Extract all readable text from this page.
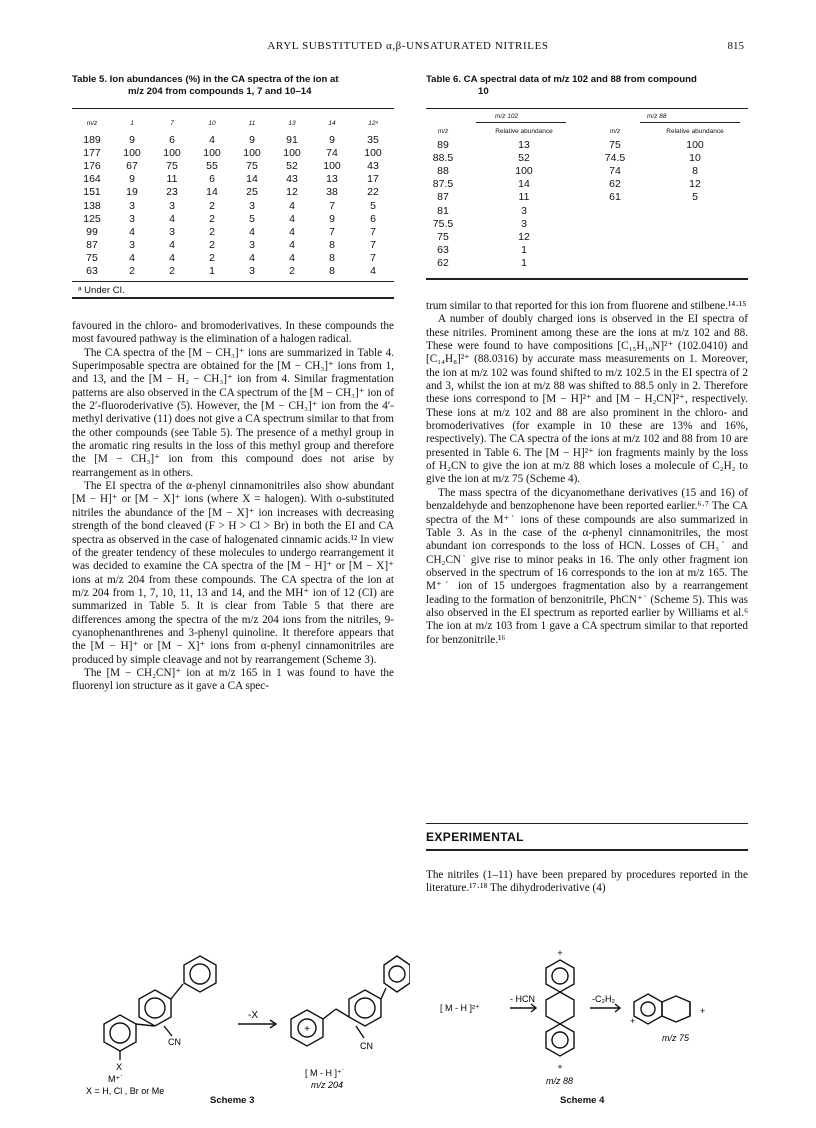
ARYL SUBSTITUTED α,β-UNSATURATED NITRILES	815
Table 5. Ion abundances (%) in the CA spectra of the ion at
m/z 204 from compounds 1, 7 and 10–14
m/z	1	7	10	11	13	14	12ᵃ
189	9	6	4	9	91	9	35
177	100	100	100	100	100	74	100
176	67	75	55	75	52	100	43
164	9	11	6	14	43	13	17
151	19	23	14	25	12	38	22
138	3	3	2	3	4	7	5
125	3	4	2	5	4	9	6
99	4	3	2	4	4	7	7
87	3	4	2	3	4	8	7
75	4	4	2	4	4	8	7
63	2	2	1	3	2	8	4
ᵃ Under CI.
Table 6. CA spectral data of m/z 102 and 88 from compound
10
m/z 102	m/z 88
m/z	Relative abundance	m/z	Relative abundance
89	13	75	100
88.5	52	74.5	10
88	100	74	8
87.5	14	62	12
87	11	61	5
81	3		
75.5	3		
75	12		
63	1		
62	1		

favoured in the chloro- and bromoderivatives. In these compounds the most favoured pathway is the elimination of a halogen radical.

The CA spectra of the [M − CH₃]⁺ ions are summarized in Table 4. Superimposable spectra are obtained for the [M − CH₃]⁺ ions from 1, and 13, and the [M − H₂ − CH₃]⁺ ion from 4. Similar fragmentation patterns are also observed in the CA spectrum of the [M − CH₃]⁺ ion of the 2′-fluoroderivative (5). However, the [M − CH₃]⁺ ion from the 4′-methyl derivative (11) does not give a CA spectrum similar to that from the other compounds (see Table 5). The presence of a methyl group in the aromatic ring results in the loss of this methyl group and therefore the [M − CH₃]⁺ ion from this compound does not arise by rearrangement as in others.

The EI spectra of the α-phenyl cinnamonitriles also show abundant [M − H]⁺ or [M − X]⁺ ions (where X = halogen). With o-substituted nitriles the abundance of the [M − X]⁺ ion increases with decreasing strength of the bond cleaved (F > H > Cl > Br) in both the EI and CA spectra as observed in the case of halogenated cinnamic acids.¹² In view of the greater tendency of these molecules to undergo rearrangement it was decided to examine the CA spectra of the [M − H]⁺ or [M − X]⁺ ions at m/z 204 from these compounds. The CA spectra of the ion at m/z 204 from 1, 7, 10, 11, 13 and 14, and the MH⁺ ion of 12 (CI) are summarized in Table 5. It is clear from Table 5 that there are differences among the spectra of the m/z 204 ions from the nitriles, 9-cyanophenanthrenes and 3-phenyl quinoline. It therefore appears that the [M − H]⁺ or [M − X]⁺ ions from α-phenyl cinnamonitriles are produced by simple cleavage and not by rearrangement (Scheme 3).

The [M − CH₂CN]⁺ ion at m/z 165 in 1 was found to have the fluorenyl ion structure as it gave a CA spec-

trum similar to that reported for this ion from fluorene and stilbene.¹⁴·¹⁵

A number of doubly charged ions is observed in the EI spectra of these nitriles. Prominent among these are the ions at m/z 102 and 88. These were found to have compositions [C₁₅H₁₀N]²⁺ (102.0410) and [C₁₄H₈]²⁺ (88.0316) by accurate mass measurements on 1. Moreover, the ion at m/z 102 was found shifted to m/z 102.5 in the EI spectra of 2 and 3, whilst the ion at m/z 88 was shifted to 88.5 only in 2. Therefore these ions correspond to [M − H]²⁺ and [M − H₂CN]²⁺, respectively. These ions at m/z 102 and 88 are also prominent in the chloro- and bromoderivatives (for example in 10 these are 13% and 16%, respectively). The CA spectra of the ions at m/z 102 and 88 from 10 are presented in Table 6. The [M − H]²⁺ ion fragments mainly by the loss of H₂CN to give the ion at m/z 88 which loses a molecule of C₂H₂ to give the ion at m/z 75 (Scheme 4).

The mass spectra of the dicyanomethane derivatives (15 and 16) of benzaldehyde and benzophenone have been reported earlier.⁶·⁷ The CA spectra of the M⁺˙ ions of these compounds are also summarized in Table 3. As in the case of the α-phenyl cinnamonitriles, the most abundant ion corresponds to the loss of HCN. Losses of CH₃˙ and CH₂CN˙ give rise to minor peaks in 16. The only other fragment ion observed in the spectrum of 16 corresponds to the ion at m/z 165. The M⁺˙ ion of 15 undergoes fragmentation also by a rearrangement leading to the formation of benzonitrile, PhCN⁺˙ (Scheme 5). This was also observed in the EI spectrum as reported earlier by Williams et al.⁶ The ion at m/z 103 from 1 gave a CA spectrum similar to that reported for benzonitrile.¹⁶

EXPERIMENTAL

The nitriles (1–11) have been prepared by procedures reported in the literature.¹⁷·¹⁸ The dihydroderivative (4)

+
CN	CN
-X
X
M⁺˙
X = H, Cl , Br or Me
[ M - H ]⁺˙
m/z 204
Scheme 3
+
+
+
+
[ M - H ]²⁺
- HCN	-C₂H₂
m/z 88
m/z 75
Scheme 4
